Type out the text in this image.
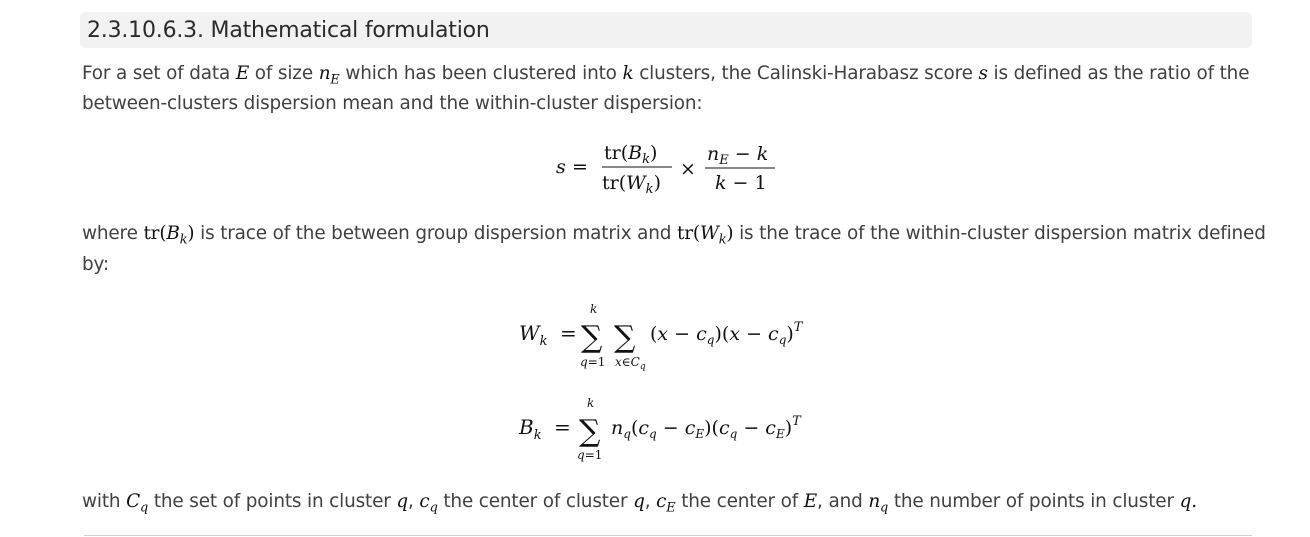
2.3.10.6.3. Mathematical formulation
For a set of data E of size $n_E$ which has been clustered into k clusters, the Calinski-Harabasz score s is defined as the ratio of the
between-clusters dispersion mean and the within-cluster dispersion:
s =
$tr(B_k)$
$tr(W_k)$
×
$n_E - k$
k − 1
where $tr(B_k)$ is trace of the between group dispersion matrix and $tr(W_k)$ is the trace of the within-cluster dispersion matrix defined
by:
$W_k$ =
k
∑
q=1
∑
$x\in C_q$
$(x - c_q)(x - c_q)^T$
$B_k$ =
k
∑
q=1
$n_q(c_q - c_E)(c_q - c_E)^T$
with $C_q$ the set of points in cluster q, $c_q$ the center of cluster q, $c_E$ the center of E, and $n_q$ the number of points in cluster q.
